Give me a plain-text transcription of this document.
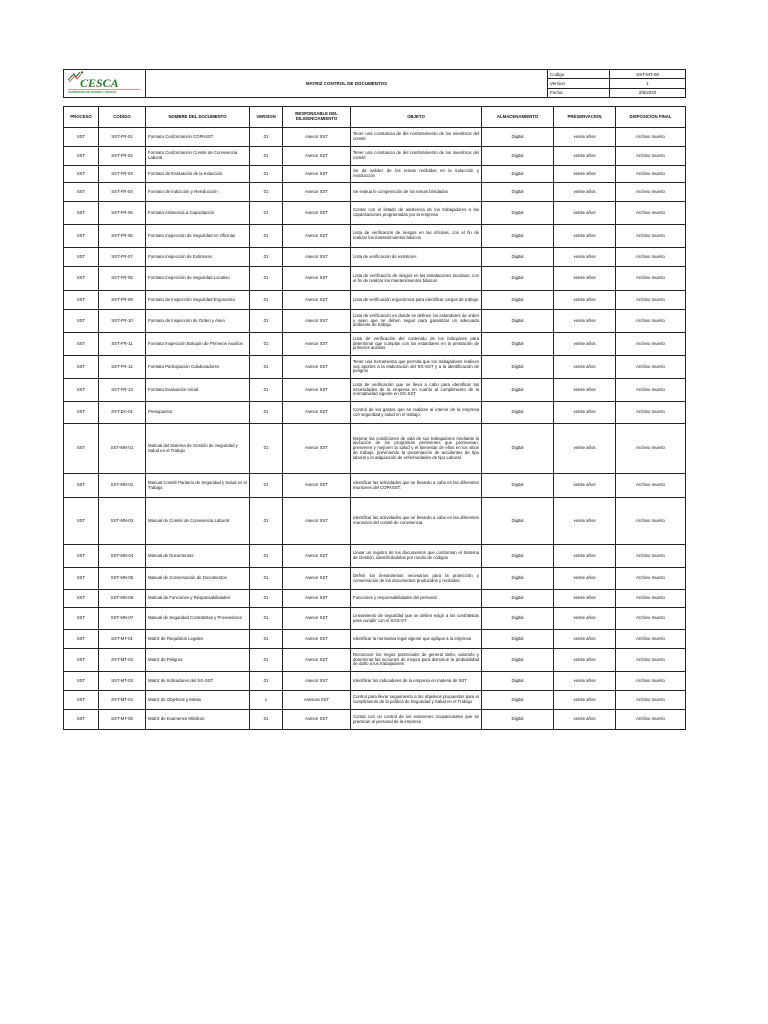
CESCA
COOPERATIVA DE AHORRO Y CREDITO	MATRIZ CONTROL DE DOCUMENTOS	Codigo	SST-MT-06
		Version	1
		Fecha	2/8/2020
PROCESO	CODIGO	NOMBRE DEL DOCUMENTO	VERSION	RESPONSABLE DEL DILIGENCIAMIENTO	OBJETO	ALMACENAMIENTO	PRESERVACION	DISPOSICION FINAL
SST	SST-FR-01	Formato Conformación COPASST	01	Asesor SST	Tener una constancia de del nombramiento de los miembros del comité	Digital	veinte años	Archivo muerto
SST	SST-FR-02	Formato Conformación Comité de Convivencia Laboral	01	Asesor SST	Tener una constancia de del nombramiento de los miembros del comité	Digital	veinte años	Archivo muerto
SST	SST-FR-03	Formato de Evaluación de la Inducción	01	Asesor SST	Se da validez de los temas recibidos en la inducción y reinducción	Digital	veinte años	Archivo muerto
SST	SST-FR-04	Formato de Inducción y Reinducción	01	Asesor SST	Se evalua le comprención de los temas brindados	Digital	veinte años	Archivo muerto
SST	SST-FR-05	Formato Asistencia a Capacitación	01	Asesor SST	Contar con el listado de asistencia de los trabajadores a las capacitaciones programadas por la empresa	Digital	veinte años	Archivo muerto
SST	SST-FR-06	Formato Inspección de Seguridad en Oficinas	01	Asesor SST	Lista de verificación de riesgos en las oficinas, con el fin de realizar los mantenimientos básicos	Digital	veinte años	Archivo muerto
SST	SST-FR-07	Formato Inspección de Extintores	01	Asesor SST	Lista de verificación de extintores	Digital	veinte años	Archivo muerto
SST	SST-FR-08	Formato Inspección de Seguridad Locativo	01	Asesor SST	Lista de verificación de riesgos en las instalaciones locativas, con el fin de realizar los mantenimientos básicos	Digital	veinte años	Archivo muerto
SST	SST-FR-09	Formato de Inspección Seguridad Ergonomía	01	Asesor SST	Lista de verificación ergonómica para identificar cargas de trabajo	Digital	veinte años	Archivo muerto
SST	SST-FR-10	Formato de Inspección de Orden y Aseo	01	Asesor SST	Lista de verificación en donde se definen los estandares de orden y aseo que se deben seguir para garantizar un adecuado ambiente de trabajo	Digital	veinte años	Archivo muerto
SST	SST-FR-11	Formato Inspección Botiquín de Primeros Auxilios	01	Asesor SST	Lista de verificación del contenido de los botiquines para determinar que cumplan con los estandares en la prestación de primeros auxilios	Digital	veinte años	Archivo muerto
SST	SST-FR-12	Formato Participación Colaboradores	01	Asesor SST	Tener una herramienta que permita que los trabajadores realicen sus aportes a la elaboración del SG-SST y a la identificación de peligros	Digital	veinte años	Archivo muerto
SST	SST-FR-13	Formato Evaluación Inicial	01	Asesor SST	Lista de verificación que se lleva a cabo para identificar las necesidades de la empresa en cuanto al cumplimiento de la normatividad vigente en SG-SST	Digital	veinte años	Archivo muerto
SST	SST-DA-01	Presupuesto	01	Asesor SST	Control de los gastos que se realizan al interior de la empresa con seguridad y salud en el trabajo.	Digital	veinte años	Archivo muerto
SST	SST-MN-01	Manual del Sistema de Gestión de Seguridad y Salud en el Trabajo	01	Asesor SST	Mejorar las condiciones de vida de sus trabajadores mediante la ejecución de los programas pertinentes que promuevan, preserven y mejoren la salud y el bienestar de ellos en los sitios de trabajo, previniendo la presentación de accidentes de tipo laboral y la adquisición de enfermedades de tipo Laboral.	Digital	veinte años	Archivo muerto
SST	SST-MN-02	Manual Comité Paritario de Seguridad y Salud en el Trabajo	01	Asesor SST	Identificar las actividades que se llevarán a cabo en las diferentes reuniones del COPASST.	Digital	veinte años	Archivo muerto
SST	SST-MN-03	Manual de Comité de Convivencia Laboral	01	Asesor SST	Identificar las actividades que se llevarán a cabo en las diferentes reuniones del comité de convivencia	Digital	veinte años	Archivo muerto
SST	SST-MN-04	Manual de Documentos	01	Asesor SST	Llevar un registro de los documentos que conforman el Sistema de Gestión, identificándolos por medio de códigos	Digital	veinte años	Archivo muerto
SST	SST-MN-05	Manual de Conservación de Documentos	01	Asesor SST	Definir los lineamientos necesarios para la protección y conservación de los documentos producidos y recibidos.	Digital	veinte años	Archivo muerto
SST	SST-MN-06	Manual de Funciones y Responsabilidades	01	Asesor SST	Funciones y responsabilidades del personal	Digital	veinte años	Archivo muerto
SST	SST-MN-07	Manual de Seguridad Contratistas y Proveedores	01	Asesor SST	Lineamiento de seguridad que se deben exigir a los contratistas para cumplir con el SGS-ST	Digital	veinte años	Archivo muerto
SST	SST-MT-01	Matriz de Requisitos Legales	01	Asesor SST	Identificar la normativa legal vigente que aplique a la empresa	Digital	veinte años	Archivo muerto
SST	SST-MT-02	Matriz de Peligros	01	Asesor SST	Reconocer los riegos potenciales de general daño, valorarlo y determinar las acciones de mejora para disminuir la probabilidad de daño a los trabajadores	Digital	veinte años	Archivo muerto
SST	SST-MT-03	Matriz de Indicadores del SG-SST	01	Asesor SST	Identificar los indicadores de la empresa en materia de SST	Digital	veinte años	Archivo muerto
SST	SST-MT-04	Matriz de Objetivos y Metas	1	Asesora SST	Control para llevar seguimiento a los objetivos propuestos para el cumplimiento de la política de Seguridad y Salud en el Trabajo	Digital	veinte años	Archivo muerto
SST	SST-MT-05	Matriz de Examenes Médicos	01	Asesor SST	Contar con un control de los examenes ocupacionales que se practican al personal de la empresa	Digital	veinte años	Archivo muerto
